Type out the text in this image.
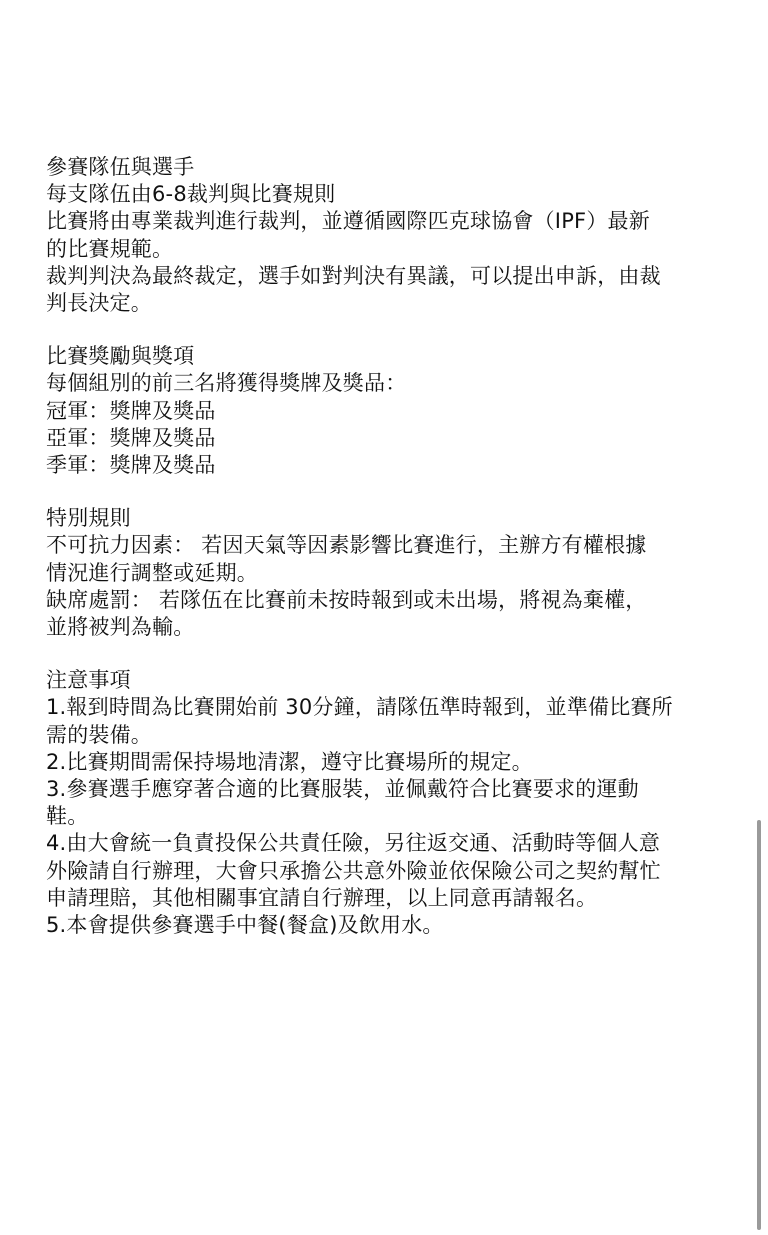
參賽隊伍與選手
每支隊伍由6-8裁判與比賽規則
比賽將由專業裁判進行裁判，並遵循國際匹克球協會（IPF）最新
的比賽規範。
裁判判決為最終裁定，選手如對判決有異議，可以提出申訴，由裁
判長決定。
比賽獎勵與獎項
每個組別的前三名將獲得獎牌及獎品：
冠軍：獎牌及獎品
亞軍：獎牌及獎品
季軍：獎牌及獎品
特別規則
不可抗力因素： 若因天氣等因素影響比賽進行，主辦方有權根據
情況進行調整或延期。
缺席處罰： 若隊伍在比賽前未按時報到或未出場，將視為棄權，
並將被判為輸。
注意事項
1.報到時間為比賽開始前 30分鐘，請隊伍準時報到，並準備比賽所
需的裝備。
2.比賽期間需保持場地清潔，遵守比賽場所的規定。
3.參賽選手應穿著合適的比賽服裝，並佩戴符合比賽要求的運動
鞋。
4.由大會統一負責投保公共責任險，另往返交通、活動時等個人意
外險請自行辦理，大會只承擔公共意外險並依保險公司之契約幫忙
申請理賠，其他相關事宜請自行辦理，以上同意再請報名。
5.本會提供參賽選手中餐(餐盒)及飲用水。
